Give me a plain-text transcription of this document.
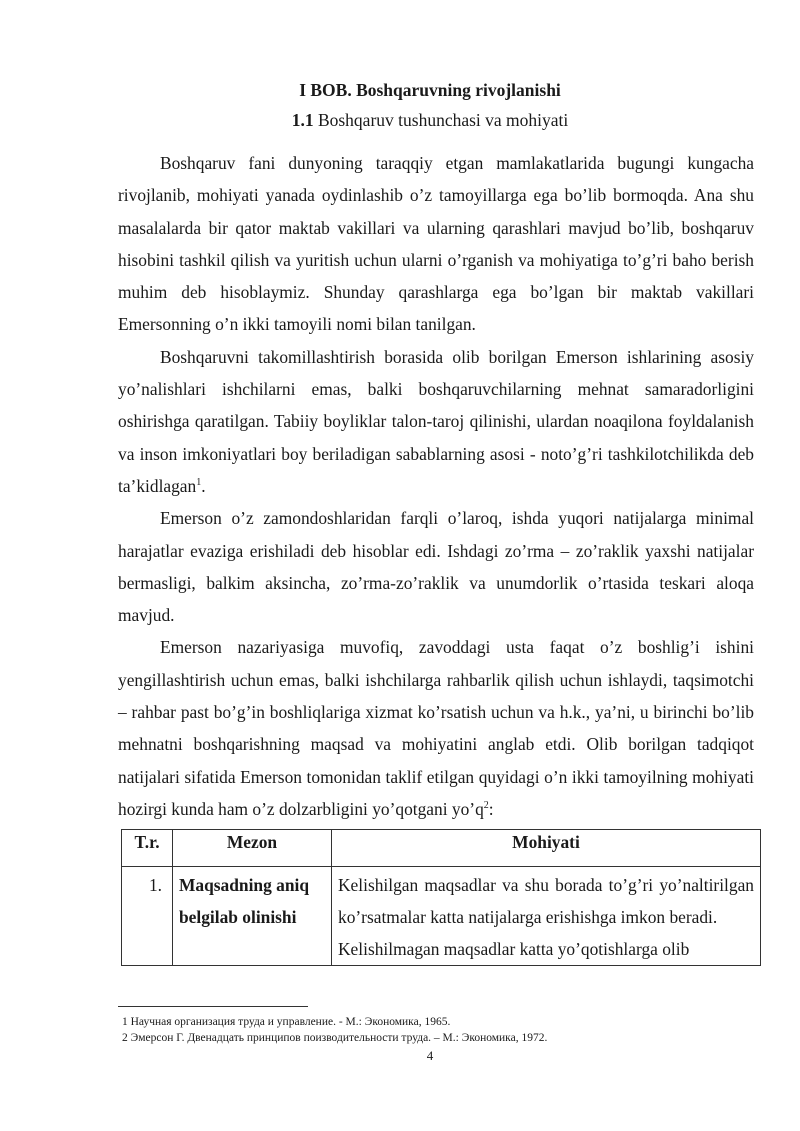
I BOB. Boshqaruvning rivojlanishi
1.1 Boshqaruv tushunchasi va mohiyati

Boshqaruv fani dunyoning taraqqiy etgan mamlakatlarida bugungi kungacha rivojlanib, mohiyati yanada oydinlashib o’z tamoyillarga ega bo’lib bormoqda. Ana shu masalalarda bir qator maktab vakillari va ularning qarashlari mavjud bo’lib, boshqaruv hisobini tashkil qilish va yuritish uchun ularni o’rganish va mohiyatiga to’g’ri baho berish muhim deb hisoblaymiz. Shunday qarashlarga ega bo’lgan bir maktab vakillari Emersonning o’n ikki tamoyili nomi bilan tanilgan.

Boshqaruvni takomillashtirish borasida olib borilgan Emerson ishlarining asosiy yo’nalishlari ishchilarni emas, balki boshqaruvchilarning mehnat samaradorligini oshirishga qaratilgan. Tabiiy boyliklar talon-taroj qilinishi, ulardan noaqilona foyldalanish va inson imkoniyatlari boy beriladigan sabablarning asosi - noto’g’ri tashkilotchilikda deb ta’kidlagan$^1$.

Emerson o’z zamondoshlaridan farqli o’laroq, ishda yuqori natijalarga minimal harajatlar evaziga erishiladi deb hisoblar edi. Ishdagi zo’rma – zo’raklik yaxshi natijalar bermasligi, balkim aksincha, zo’rma-zo’raklik va unumdorlik o’rtasida teskari aloqa mavjud.

Emerson nazariyasiga muvofiq, zavoddagi usta faqat o’z boshlig’i ishini yengillashtirish uchun emas, balki ishchilarga rahbarlik qilish uchun ishlaydi, taqsimotchi – rahbar past bo’g’in boshliqlariga xizmat ko’rsatish uchun va h.k., ya’ni, u birinchi bo’lib mehnatni boshqarishning maqsad va mohiyatini anglab etdi. Olib borilgan tadqiqot natijalari sifatida Emerson tomonidan taklif etilgan quyidagi o’n ikki tamoyilning mohiyati hozirgi kunda ham o’z dolzarbligini yo’qotgani $yo’q^2$:

T.r.	Mezon	Mohiyati
1.	Maqsadning aniq belgilab olinishi	Kelishilgan maqsadlar va shu borada to’g’ri yo’naltirilgan ko’rsatmalar katta natijalarga erishishga imkon beradi.
Kelishilmagan maqsadlar katta yo’qotishlarga olib
1 Научная организация труда и управление. - М.: Экономика, 1965.
2 Эмерсон Г. Двенадцать принципов поизводительности труда. – М.: Экономика, 1972.
4
